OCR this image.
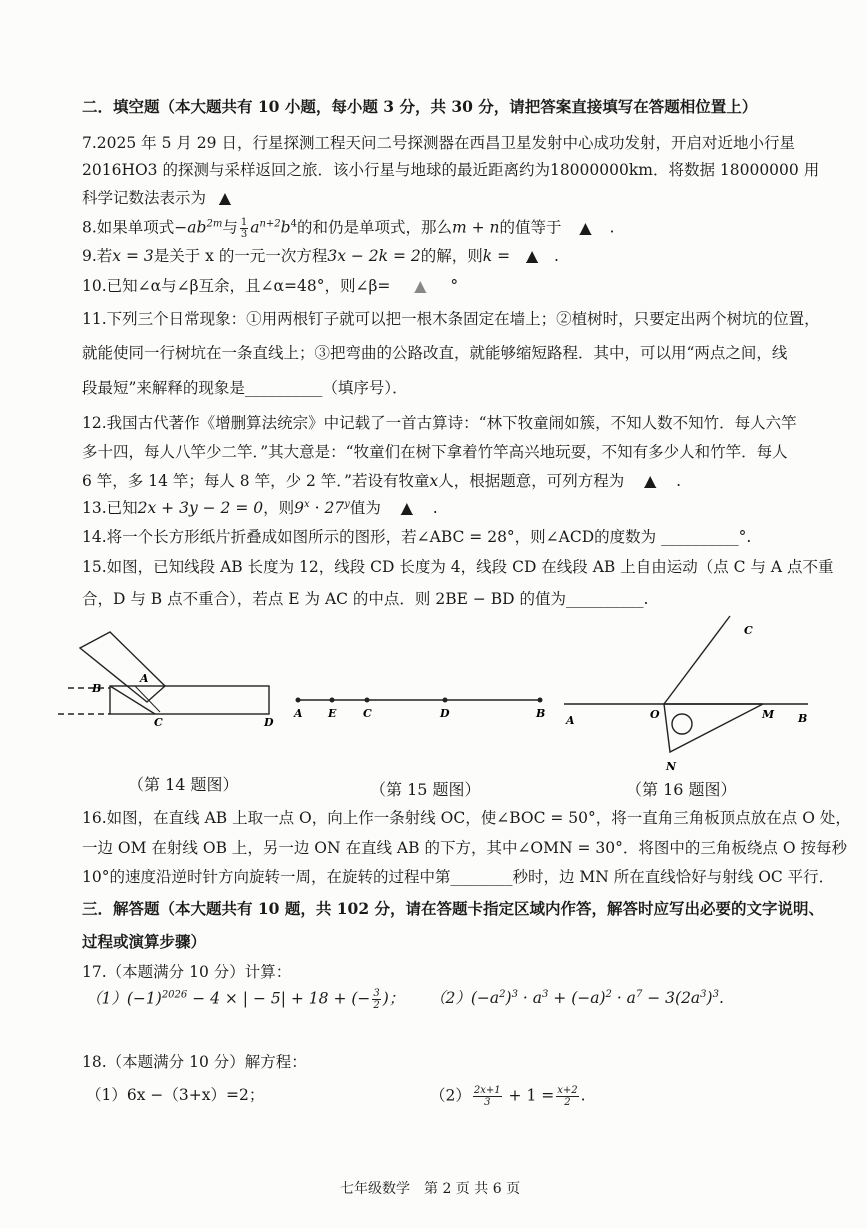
二．填空题（本大题共有 10 小题，每小题 3 分，共 30 分，请把答案直接填写在答题相位置上）
7.2025 年 5 月 29 日，行星探测工程天问二号探测器在西昌卫星发射中心成功发射，开启对近地小行星
2016HO3 的探测与采样返回之旅．该小行星与地球的最近距离约为18000000km．将数据 18000000 用
科学记数法表示为 ▲
8.如果单项式$-ab^{2m}$与 $\frac{1}{3} a^{n+2}b^4$的和仍是单项式，那么m + n的值等于 ▲ .
9.若x = 3是关于 x 的一元一次方程3x − 2k = 2的解，则k = ▲ .
10.已知∠α与∠β互余，且∠α=48°，则∠β= ▲ °
11.下列三个日常现象：①用两根钉子就可以把一根木条固定在墙上；②植树时，只要定出两个树坑的位置，
就能使同一行树坑在一条直线上；③把弯曲的公路改直，就能够缩短路程．其中，可以用“两点之间，线
段最短”来解释的现象是__________（填序号）．
12.我国古代著作《增删算法统宗》中记载了一首古算诗：“林下牧童闹如簇，不知人数不知竹．每人六竿
多十四，每人八竿少二竿．”其大意是：“牧童们在树下拿着竹竿高兴地玩耍，不知有多少人和竹竿．每人
6 竿，多 14 竿；每人 8 竿，少 2 竿．”若设有牧童x人，根据题意，可列方程为 ▲ .
13.已知2x + 3y − 2 = 0，则$9^x \cdot 27^y$值为 ▲ .
14.将一个长方形纸片折叠成如图所示的图形，若∠ABC = 28°，则∠ACD的度数为 __________°.
15.如图，已知线段 AB 长度为 12，线段 CD 长度为 4，线段 CD 在线段 AB 上自由运动（点 C 与 A 点不重
合，D 与 B 点不重合），若点 E 为 AC 的中点．则 2BE − BD 的值为__________.
A
B
C	D
A E C	D	B
C
A	O	M B
N
（第 14 题图）	（第 15 题图）	（第 16 题图）
16.如图，在直线 AB 上取一点 O，向上作一条射线 OC，使∠BOC = 50°，将一直角三角板顶点放在点 O 处，
一边 OM 在射线 OB 上，另一边 ON 在直线 AB 的下方，其中∠OMN = 30°．将图中的三角板绕点 O 按每秒
10°的速度沿逆时针方向旋转一周，在旋转的过程中第________秒时，边 MN 所在直线恰好与射线 OC 平行．
三．解答题（本大题共有 10 题，共 102 分，请在答题卡指定区域内作答，解答时应写出必要的文字说明、
过程或演算步骤）
17.（本题满分 10 分）计算：
$(1)(-1)^{2026} - 4$ × | − 5| + 18 + (− $\frac{3}{2}$ )； $(2)(-a^2)^3 \cdot a^3 + (-a)^2 \cdot a^7 - 3(2a^3)^3$.
18.（本题满分 10 分）解方程：
（1）6x −（3+x）=2；	$(2) \frac{2x+1}{3} + 1 = \frac{x+2}{2}$ .
七年级数学　第 2 页 共 6 页
